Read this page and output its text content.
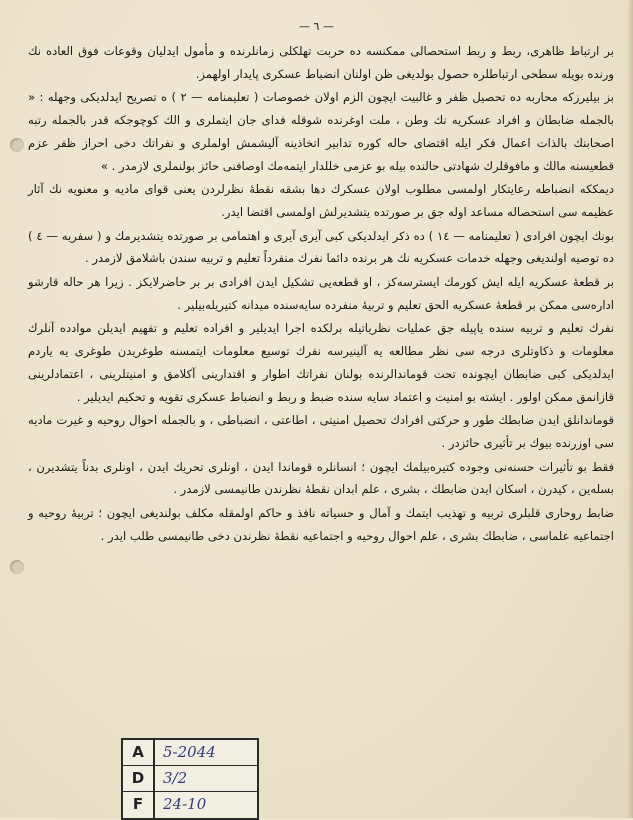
— ٦ —

بر ارتباط ظاهری، ربط و ربط استحصالی ممکنسه ده حربت تهلکلی زمانلرنده و مأمول ایدلیان وقوعات فوق العاده نك ورنده بویله سطحی ارتباطلره حصول بولدیغی ظن اولنان انضباط عسکری پایدار اولهمز.

بز بیلیرزکه محاربه ده تحصیل ظفر و غالبیت ایچون الزم اولان خصوصات ( تعلیمنامه — ٢ ) ه تصریح ایدلدیکی وجهله : « بالجمله ضابطان و افراد عسکریه نك وطن ، ملت اوغرنده شوقله فدای جان ایتملری و الك کوچوجکه قدر بالجمله رتبه اصحابنك بالذات اعمال فکر ایله اقتضای حاله کوره تدابیر اتخاذینه آلیشمش اولملری و نفراتك دخی احراز ظفر عزم قطعیسنه مالك و مافوقلرك شهادتی حالنده بیله بو عزمی خللدار ایتمەمك اوصافنی حائز بولنملری لازمدر . »

دیمککه انضباطه رعایتکار اولمسی مطلوب اولان عسکرك دها بشقه نقطهٔ نظرلردن یعنی قوای مادیه و معنویه نك آثار عظیمه سی استحصاله مساعد اوله جق بر صورتده یتشدیرلش اولمسی اقتضا ایدر.

بونك ایچون افرادی ( تعلیمنامه — ١٤ ) ده ذکر ایدلدیکی کبی آیری آیری و اهتمامی بر صورتده یتشدیرمك و ( سفریه — ٤ ) ده توصیه اولندیغی وجهله خدمات عسکریه نك هر برنده دائما نفرك منفرداً تعلیم و تربیه سندن باشلامق لازمدر .

بر قطعهٔ عسکریه ایله ایش کورمك ایسترسه‌کز ، او قطعه‌یی تشکیل ایدن افرادی بر بر حاضرلایکز . زیرا هر حاله قارشو اداره‌سی ممکن بر قطعهٔ عسکریه الحق تعلیم و تربیهٔ منفرده سایه‌سنده میدانه کتیریله‌بیلیر .

نفرك تعلیم و تربیه سنده یاپیله جق عملیات نظریاتیله برلکده اجرا ایدیلیر و افراده تعلیم و تفهیم ایدیلن مواددە آنلرك معلومات و ذکاوتلری درجه سی نظر مطالعه یه آلینیرسه نفرك توسیع معلومات ایتمسنه طوغریدن طوغری یه یاردم ایدلدیکی کبی ضابطان ایچونده تحت قوماندالرنده بولنان نفراتك اطوار و اقتدارینی آکلامق و امنیتلرینی ، اعتمادلرینی قازانمق ممکن اولور . ایشته بو امنیت و اعتماد سایه سنده ضبط و ربط و انضباط عسکری تقویه و تحکیم ایدیلیر .

قوماندانلق ایدن ضابطك طور و حرکتی افرادك تحصیل امنیتی ، اطاعتی ، انضباطی ، و بالجمله احوال روحیه و غیرت مادیه سی اوزرنده بیوك بر تأثیری حائزدر .

فقط بو تأثیرات حسنه‌نی وجوده کتیره‌بیلمك ایچون ؛ انسانلره قوماندا ایدن ، اونلری تحریك ایدن ، اونلری بدناً یتشدیرن ، بسله‌ین ، کیدرن ، اسکان ایدن ضابطك ، بشری ، علم ابدان نقطهٔ نظرندن طانیمسی لازمدر .

ضابط روحاری قلبلری تربیه و تهذیب ایتمك و آمال و حسیاته نافذ و حاکم اولمقله مکلف بولندیغی ایچون ؛ تربیهٔ روحیه و اجتماعیه علماسی ، ضابطك بشری ، علم احوال روحیه و اجتماعیه نقطهٔ نظرندن دخی طانیمسی طلب ایدر .

A	5-2044
D	3/2
F	24-10
